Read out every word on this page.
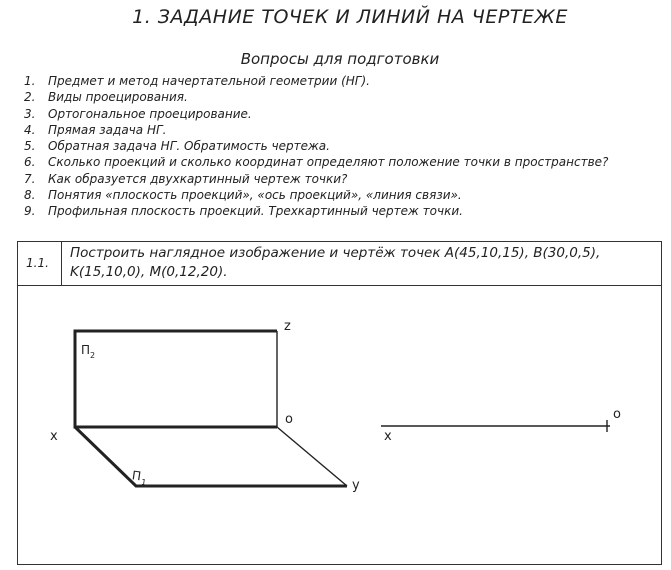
1. ЗАДАНИЕ ТОЧЕК И ЛИНИЙ НА ЧЕРТЕЖЕ
Вопросы для подготовки
1. Предмет и метод начертательной геометрии (НГ).
2. Виды проецирования.
3. Ортогональное проецирование.
4. Прямая задача НГ.
5. Обратная задача НГ. Обратимость чертежа.
6. Сколько проекций и сколько координат определяют положение точки в пространстве?
7. Как образуется двухкартинный чертеж точки?
8. Понятия «плоскость проекций», «ось проекций», «линия связи».
9. Профильная плоскость проекций. Трехкартинный чертеж точки.
1.1.
Построить наглядное изображение и чертёж точек A(45,10,15), B(30,0,5), K(15,10,0), M(0,12,20).
z
x
y
o
П 2
П
1
x
o
